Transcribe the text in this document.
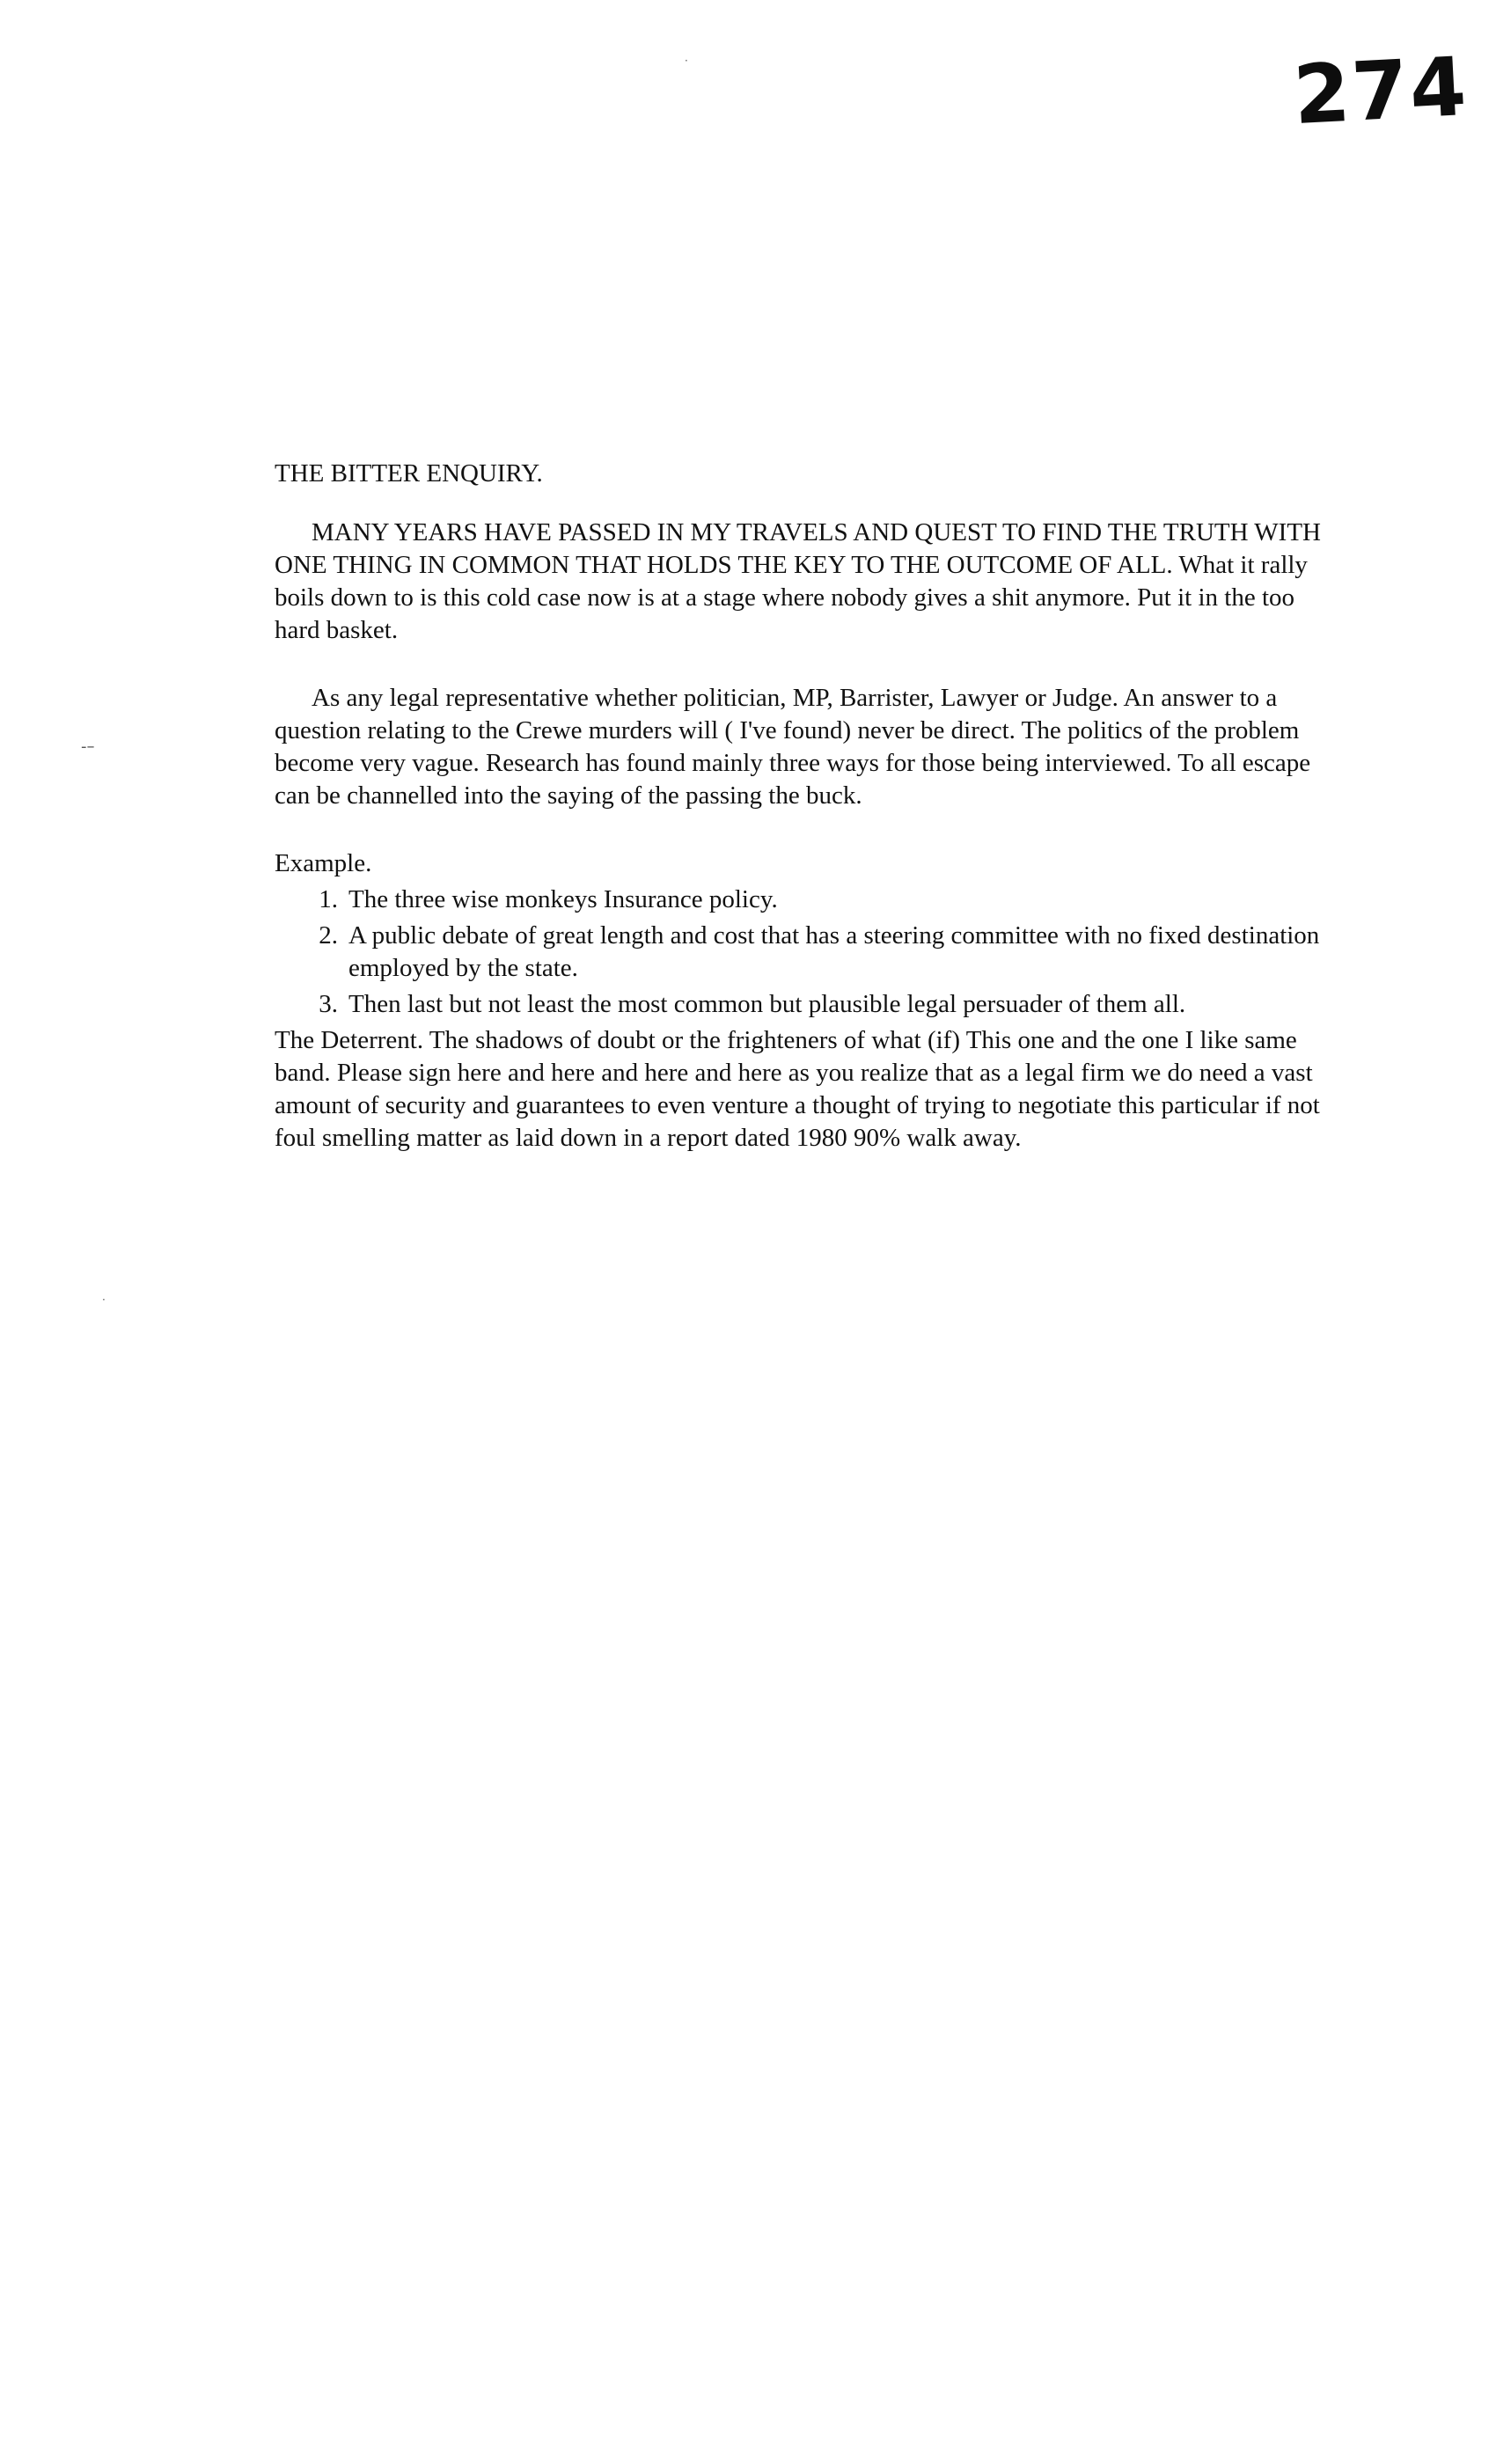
274
-–
·
·

THE BITTER ENQUIRY.

MANY YEARS HAVE PASSED IN MY TRAVELS AND QUEST TO FIND THE TRUTH WITH ONE THING IN COMMON THAT HOLDS THE KEY TO THE OUTCOME OF ALL. What it rally boils down to is this cold case now is at a stage where nobody gives a shit anymore. Put it in the too hard basket.

As any legal representative whether politician, MP, Barrister, Lawyer or Judge. An answer to a question relating to the Crewe murders will ( I've found) never be direct. The politics of the problem become very vague. Research has found mainly three ways for those being interviewed. To all escape can be channelled into the saying of the passing the buck.

Example.

1. The three wise monkeys Insurance policy.
2. A public debate of great length and cost that has a steering committee with no fixed destination employed by the state.
3. Then last but not least the most common but plausible legal persuader of them all.

The Deterrent. The shadows of doubt or the frighteners of what (if) This one and the one I like same band. Please sign here and here and here and here as you realize that as a legal firm we do need a vast amount of security and guarantees to even venture a thought of trying to negotiate this particular if not foul smelling matter as laid down in a report dated 1980 90% walk away.
